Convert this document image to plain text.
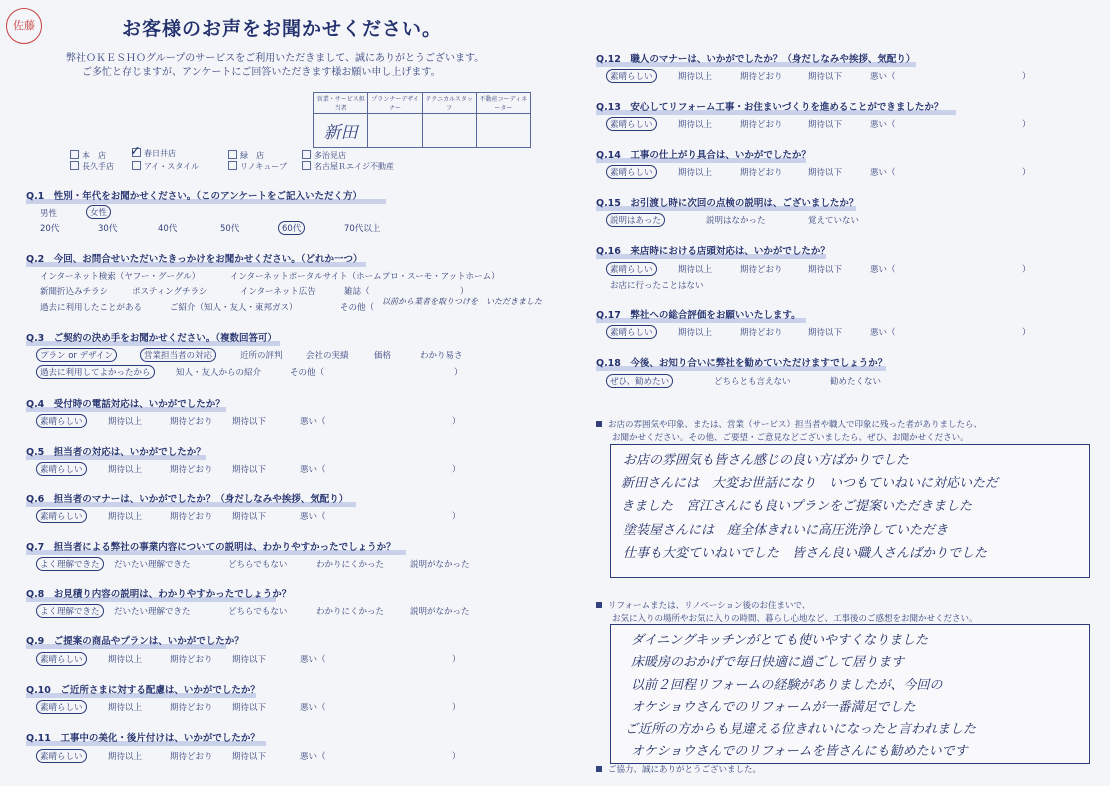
佐藤	お客様のお声をお聞かせください。
弊社ＯＫＥＳＨＯグループのサービスをご利用いただきまして、誠にありがとうございます。
ご多忙と存じますが、アンケートにご回答いただきます様お願い申し上げます。
営業・サービス担当者	プランナーデザイナー	テクニカルスタッフ	不動産コーディネーター
新田			
本　店	春日井店	緑　店	多治見店
長久手店	アイ・スタイル	リノキューブ	名古屋Ｒエイジ不動産
✓
Q.1　性別・年代をお聞かせください。（このアンケートをご記入いただく方）
男性	女性
20代	30代	40代	50代	60代	70代以上
Q.2　今回、お問合せいただいたきっかけをお聞かせください。（どれか一つ）
インターネット検索（ヤフー・グーグル）	インターネットポータルサイト（ホームプロ・スーモ・アットホーム）
新聞折込みチラシ	ポスティングチラシ	インターネット広告	雑誌（	）
過去に利用したことがある	ご紹介（知人・友人・東邦ガス）	その他（
以前から業者を取りつけを　いただきました
Q.3　ご契約の決め手をお聞かせください。（複数回答可）
プラン or デザイン	営業担当者の対応	近所の評判	会社の実績	価格	わかり易さ
過去に利用してよかったから	知人・友人からの紹介	その他（	）
Q.4　受付時の電話対応は、いかがでしたか？
素晴らしい	期待以上	期待どおり 期待以下	悪い（	）
Q.5　担当者の対応は、いかがでしたか？
素晴らしい	期待以上	期待どおり 期待以下	悪い（	）
Q.6　担当者のマナーは、いかがでしたか？（身だしなみや挨拶、気配り）
素晴らしい	期待以上	期待どおり 期待以下	悪い（	）
Q.7　担当者による弊社の事業内容についての説明は、わかりやすかったでしょうか？
よく理解できた	だいたい理解できた	どちらでもない	わかりにくかった	説明がなかった
Q.8　お見積り内容の説明は、わかりやすかったでしょうか？
よく理解できた	だいたい理解できた	どちらでもない	わかりにくかった	説明がなかった
Q.9　ご提案の商品やプランは、いかがでしたか？
素晴らしい	期待以上	期待どおり 期待以下	悪い（	）
Q.10　ご近所さまに対する配慮は、いかがでしたか？
素晴らしい	期待以上	期待どおり 期待以下	悪い（	）
Q.11　工事中の美化・後片付けは、いかがでしたか？
素晴らしい	期待以上	期待どおり 期待以下	悪い（	）
Q.12　職人のマナーは、いかがでしたか？（身だしなみや挨拶、気配り）
素晴らしい	期待以上	期待どおり	期待以下	悪い（	）
Q.13　安心してリフォーム工事・お住まいづくりを進めることができましたか？
素晴らしい	期待以上	期待どおり	期待以下	悪い（	）
Q.14　工事の仕上がり具合は、いかがでしたか？
素晴らしい	期待以上	期待どおり	期待以下	悪い（	）
Q.15　お引渡し時に次回の点検の説明は、ございましたか？
説明はあった	説明はなかった	覚えていない
Q.16　来店時における店頭対応は、いかがでしたか？
素晴らしい	期待以上	期待どおり	期待以下	悪い（	）
お店に行ったことはない
Q.17　弊社への総合評価をお願いいたします。
素晴らしい	期待以上	期待どおり	期待以下	悪い（	）
Q.18　今後、お知り合いに弊社を勧めていただけますでしょうか？
ぜひ、勧めたい	どちらとも言えない	勧めたくない
お店の雰囲気や印象、または、営業（サービス）担当者や職人で印象に残った者がありましたら、
お聞かせください。その他、ご要望・ご意見などございましたら、ぜひ、お聞かせください。
お店の雰囲気も皆さん感じの良い方ばかりでした
新田さんには　大変お世話になり　いつもていねいに対応いただ
きました　宮江さんにも良いプランをご提案いただきました
塗装屋さんには　庭全体きれいに高圧洗浄していただき
仕事も大変ていねいでした　皆さん良い職人さんばかりでした
リフォームまたは、リノベーション後のお住まいで、
お気に入りの場所やお気に入りの時間、暮らし心地など、工事後のご感想をお聞かせください。
ダイニングキッチンがとても使いやすくなりました
床暖房のおかげで毎日快適に過ごして居ります
以前２回程リフォームの経験がありましたが、今回の
オケショウさんでのリフォームが一番満足でした
ご近所の方からも見違える位きれいになったと言われました
オケショウさんでのリフォームを皆さんにも勧めたいです
ご協力、誠にありがとうございました。
